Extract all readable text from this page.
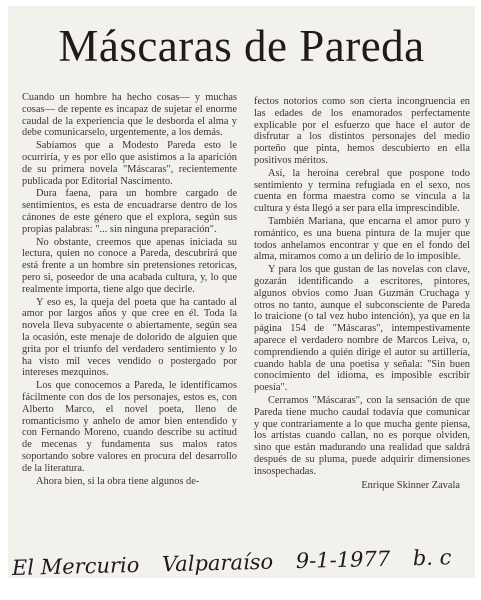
Máscaras de Pareda

Cuando un hombre ha hecho cosas— y muchas cosas— de repente es incapaz de sujetar el enorme caudal de la experiencia que le desborda el alma y debe comunicarselo, urgentemente, a los demás.

Sabíamos que a Modesto Pareda esto le ocurriría, y es por ello que asistimos a la aparición de su primera novela "Máscaras", recientemente publicada por Editorial Nascimento.

Dura faena, para un hombre cargado de sentimientos, es esta de encuadrarse dentro de los cánones de este género que el explora, según sus propias palabras: "... sin ninguna preparación".

No obstante, creemos que apenas iniciada su lectura, quien no conoce a Pareda, descubrirá que está frente a un hombre sin pretensiones retoricas, pero si, poseedor de una acabada cultura, y, lo que realmente importa, tiene algo que decirle.

Y eso es, la queja del poeta que ha cantado al amor por largos años y que cree en él. Toda la novela lleva subyacente o abiertamente, según sea la ocasión, este menaje de dolorido de alguien que grita por el triunfo del verdadero sentimiento y lo ha visto mil veces vendido o postergado por intereses mezquinos.

Los que conocemos a Pareda, le identificamos fácilmente con dos de los personajes, estos es, con Alberto Marco, el novel poeta, lleno de romanticismo y anhelo de amor bien entendido y con Fernando Moreno, cuando describe su actitud de mecenas y fundamenta sus malos ratos soportando sobre valores en procura del desarrollo de la literatura.

Ahora bien, si la obra tiene algunos de-

fectos notorios como son cierta incongruencia en las edades de los enamorados perfectamente explicable por el esfuerzo que hace el autor de disfrutar a los distintos personajes del medio porteño que pinta, hemos descubierto en ella positivos méritos.

Así, la heroína cerebral que pospone todo sentimiento y termina refugiada en el sexo, nos cuenta en forma maestra como se vincula a la cultura y ésta llegó a ser para ella imprescindible.

También Mariana, que encarna el amor puro y romántico, es una buena pintura de la mujer que todos anhelamos encontrar y que en el fondo del alma, miramos como a un delirio de lo imposible.

Y para los que gustan de las novelas con clave, gozarán identificando a escritores, pintores, algunos obvios como Juan Guzmán Cruchaga y otros no tanto, aunque el subconsciente de Pareda lo traicione (o tal vez hubo intención), ya que en la página 154 de "Máscaras", intempestivamente aparece el verdadero nombre de Marcos Leiva, o, comprendiendo a quién dirige el autor su artillería, cuando habla de una poetisa y señala: "Sin buen conocimiento del idioma, es imposible escribir poesía".

Cerramos "Máscaras", con la sensación de que Pareda tiene mucho caudal todavía que comunicar y que contrariamente a lo que mucha gente piensa, los artistas cuando callan, no es porque olviden, sino que están madurando una realidad que saldrá después de su pluma, puede adquirir dimensiones insospechadas.

Enrique Skinner Zavala
El Mercurio Valparaíso 9-1-1977 b. c
